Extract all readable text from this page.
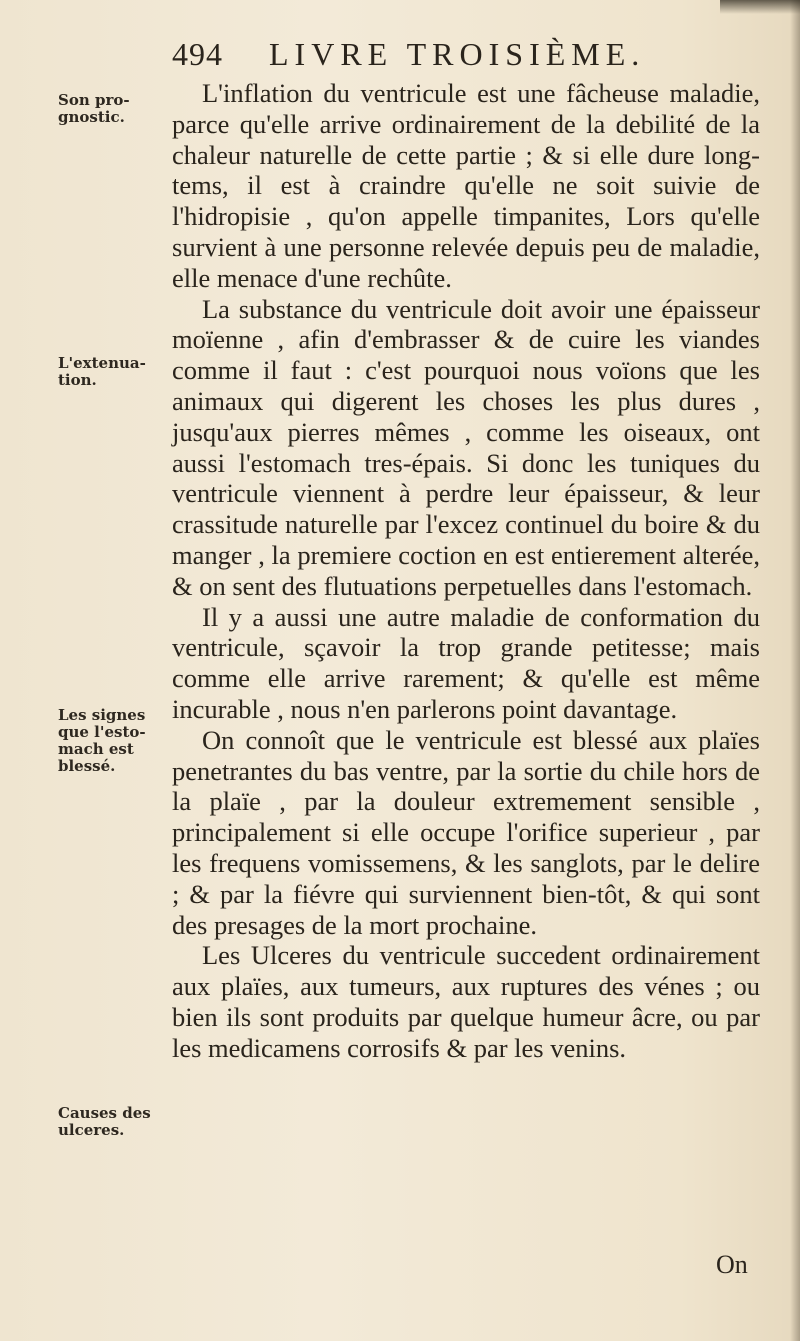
494 LIVRE TROISIÈME.
Son pro-
gnostic.
L'extenua-
tion.
Les signes
que l'esto-
mach est
blessé.
Causes des
ulceres.

L'inflation du ventricule est une fâcheuse maladie, parce qu'elle arrive ordinairement de la debilité de la chaleur naturelle de cette partie ; & si elle dure long-tems, il est à craindre qu'elle ne soit suivie de l'hidropisie , qu'on appelle timpanites, Lors qu'elle survient à une personne relevée depuis peu de maladie, elle menace d'une rechûte.

La substance du ventricule doit avoir une épaisseur moïenne , afin d'embrasser & de cuire les viandes comme il faut : c'est pourquoi nous voïons que les animaux qui digerent les choses les plus dures , jusqu'aux pierres mêmes , comme les oiseaux, ont aussi l'estomach tres-épais. Si donc les tuniques du ventricule viennent à perdre leur épaisseur, & leur crassitude naturelle par l'excez continuel du boire & du manger , la premiere coction en est entierement alterée, & on sent des flutuations perpetuelles dans l'estomach.

Il y a aussi une autre maladie de conformation du ventricule, sçavoir la trop grande petitesse; mais comme elle arrive rarement; & qu'elle est même incurable , nous n'en parlerons point davantage.

On connoît que le ventricule est blessé aux plaïes penetrantes du bas ventre, par la sortie du chile hors de la plaïe , par la douleur extremement sensible , principalement si elle occupe l'orifice superieur , par les frequens vomissemens, & les sanglots, par le delire ; & par la fiévre qui surviennent bien-tôt, & qui sont des presages de la mort prochaine.

Les Ulceres du ventricule succedent ordinairement aux plaïes, aux tumeurs, aux ruptures des vénes ; ou bien ils sont produits par quelque humeur âcre, ou par les medicamens corrosifs & par les venins.

On
